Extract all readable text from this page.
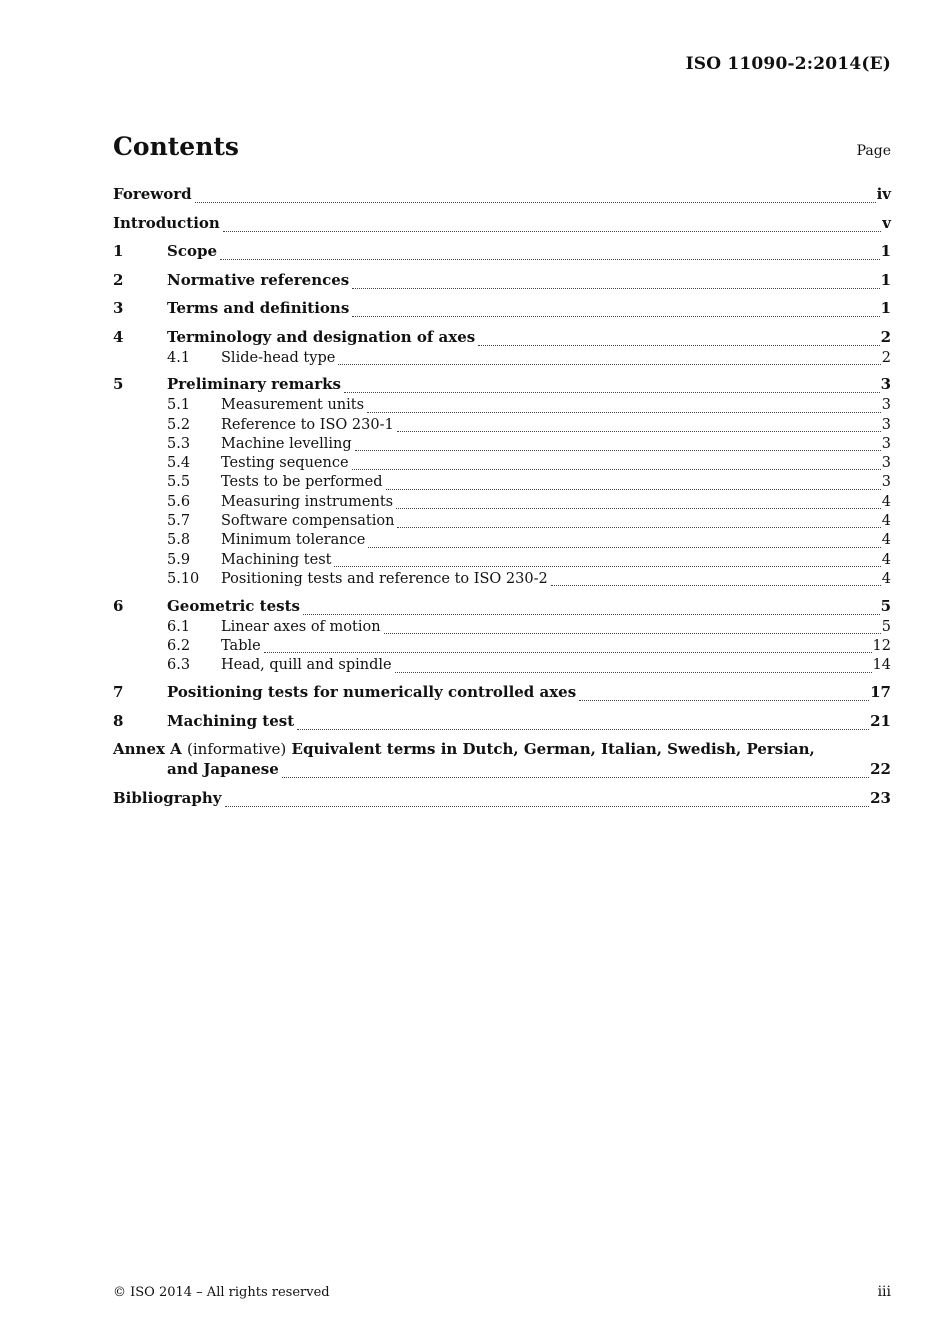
ISO 11090-2:2014(E)
Contents	Page
Foreword	iv
Introduction	v
1	Scope	1
2	Normative references	1
3	Terms and definitions	1
4	Terminology and designation of axes	2
4.1	Slide-head type	2
5	Preliminary remarks	3
5.1	Measurement units	3
5.2	Reference to ISO 230-1	3
5.3	Machine levelling	3
5.4	Testing sequence	3
5.5	Tests to be performed	3
5.6	Measuring instruments	4
5.7	Software compensation	4
5.8	Minimum tolerance	4
5.9	Machining test	4
5.10	Positioning tests and reference to ISO 230-2	4
6	Geometric tests	5
6.1	Linear axes of motion	5
6.2	Table	12
6.3	Head, quill and spindle	14
7	Positioning tests for numerically controlled axes	17
8	Machining test	21
Annex A (informative) Equivalent terms in Dutch, German, Italian, Swedish, Persian,
and Japanese	22
Bibliography	23
© ISO 2014 – All rights reserved	iii
